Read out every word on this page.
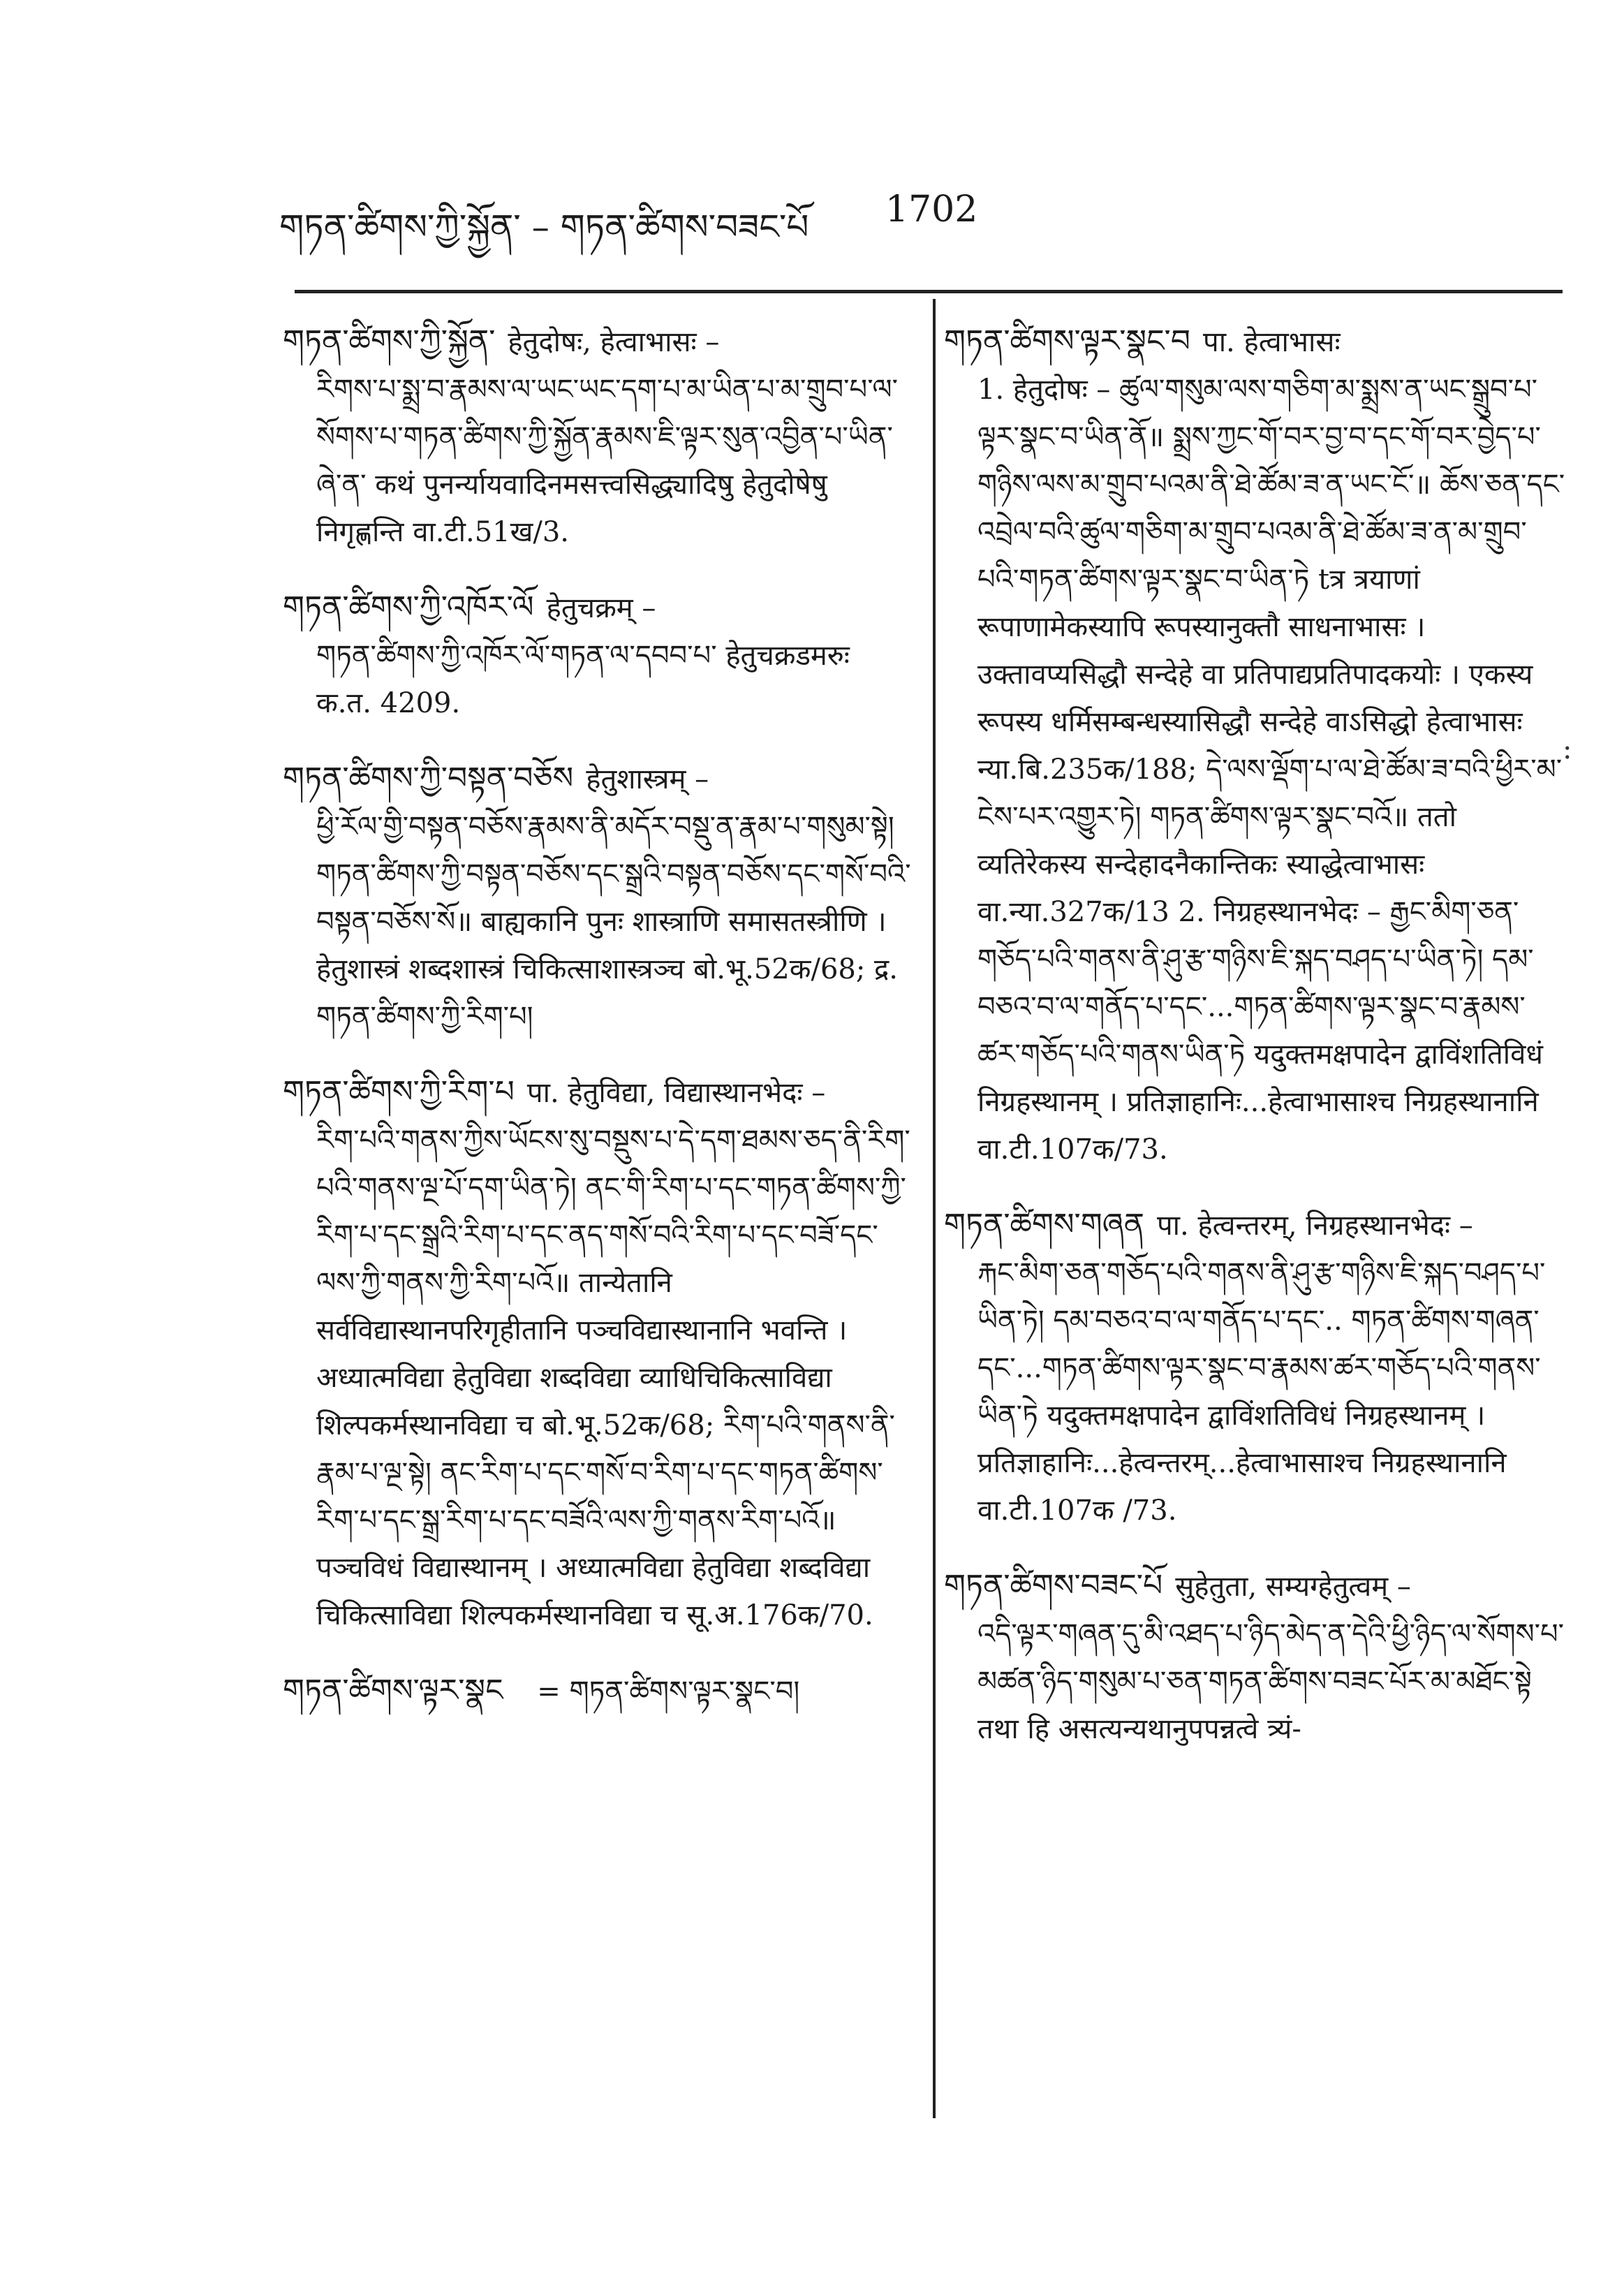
གཏན་ཚིགས་ཀྱི་སྐྱོན་ – གཏན་ཚིགས་བཟང་པོ 1702
:
གཏན་ཚིགས་ཀྱི་སྐྱོན་ हेतुदोषः, हेत्वाभासः –
རིགས་པ་སྨྲ་བ་རྣམས་ལ་ཡང་ཡང་དག་པ་མ་ཡིན་པ་མ་གྲུབ་པ་ལ་སོགས་པ་གཏན་ཚིགས་ཀྱི་སྐྱོན་རྣམས་ཇི་ལྟར་སུན་འབྱིན་པ་ཡིན་ཞེ་ན་ कथं पुनर्न्यायवादिनमसत्त्वसिद्ध्यादिषु हेतुदोषेषु निगृह्णन्ति वा.टी.51ख/3.
གཏན་ཚིགས་ཀྱི་འཁོར་ལོ हेतुचक्रम् –
གཏན་ཚིགས་ཀྱི་འཁོར་ལོ་གཏན་ལ་དབབ་པ་ हेतुचक्रडमरुः क.त. 4209.
གཏན་ཚིགས་ཀྱི་བསྟན་བཅོས हेतुशास्त्रम् –
ཕྱི་རོལ་གྱི་བསྟན་བཅོས་རྣམས་ནི་མདོར་བསྡུ་ན་རྣམ་པ་གསུམ་སྟེ། གཏན་ཚིགས་ཀྱི་བསྟན་བཅོས་དང་སྒྲའི་བསྟན་བཅོས་དང་གསོ་བའི་བསྟན་བཅོས་སོ॥ बाह्यकानि पुनः शास्त्राणि समासतस्त्रीणि । हेतुशास्त्रं शब्दशास्त्रं चिकित्साशास्त्रञ्च बो.भू.52क/68; द्र. གཏན་ཚིགས་ཀྱི་རིག་པ།
གཏན་ཚིགས་ཀྱི་རིག་པ पा. हेतुविद्या, विद्यास्थानभेदः –
རིག་པའི་གནས་ཀྱིས་ཡོངས་སུ་བསྡུས་པ་དེ་དག་ཐམས་ཅད་ནི་རིག་པའི་གནས་ལྔ་པོ་དག་ཡིན་ཏེ། ནང་གི་རིག་པ་དང་གཏན་ཚིགས་ཀྱི་རིག་པ་དང་སྒྲའི་རིག་པ་དང་ནད་གསོ་བའི་རིག་པ་དང་བཟོ་དང་ལས་ཀྱི་གནས་ཀྱི་རིག་པའོ॥ तान्येतानि सर्वविद्यास्थानपरिगृहीतानि पञ्चविद्यास्थानानि भवन्ति । अध्यात्मविद्या हेतुविद्या शब्दविद्या व्याधिचिकित्साविद्या शिल्पकर्मस्थानविद्या च बो.भू.52क/68; རིག་པའི་གནས་ནི་རྣམ་པ་ལྔ་སྟེ། ནང་རིག་པ་དང་གསོ་བ་རིག་པ་དང་གཏན་ཚིགས་རིག་པ་དང་སྒྲ་རིག་པ་དང་བཟོའི་ལས་ཀྱི་གནས་རིག་པའོ॥ पञ्चविधं विद्यास्थानम् । अध्यात्मविद्या हेतुविद्या शब्दविद्या चिकित्साविद्या शिल्पकर्मस्थानविद्या च सू.अ.176क/70.
གཏན་ཚིགས་ལྟར་སྣང = གཏན་ཚིགས་ལྟར་སྣང་བ།
གཏན་ཚིགས་ལྟར་སྣང་བ पा. हेत्वाभासः
1. हेतुदोषः – ཚུལ་གསུམ་ལས་གཅིག་མ་སྨྲས་ན་ཡང་སྒྲུབ་པ་ལྟར་སྣང་བ་ཡིན་ནོ॥ སྨྲས་ཀྱང་གོ་བར་བྱ་བ་དང་གོ་བར་བྱེད་པ་གཉིས་ལས་མ་གྲུབ་པའམ་ནི་ཐེ་ཚོམ་ཟ་ན་ཡང་ངོ་॥ ཆོས་ཅན་དང་འབྲེལ་བའི་ཚུལ་གཅིག་མ་གྲུབ་པའམ་ནི་ཐེ་ཚོམ་ཟ་ན་མ་གྲུབ་པའི་གཏན་ཚིགས་ལྟར་སྣང་བ་ཡིན་ཏེ tत्र त्रयाणां रूपाणामेकस्यापि रूपस्यानुक्तौ साधनाभासः । उक्तावप्यसिद्धौ सन्देहे वा प्रतिपाद्यप्रतिपादकयोः । एकस्य रूपस्य धर्मिसम्बन्धस्यासिद्धौ सन्देहे वाऽसिद्धो हेत्वाभासः न्या.बि.235क/188; དེ་ལས་ལྡོག་པ་ལ་ཐེ་ཚོམ་ཟ་བའི་ཕྱིར་མ་ངེས་པར་འགྱུར་ཏེ། གཏན་ཚིགས་ལྟར་སྣང་བའོ॥ ततो व्यतिरेकस्य सन्देहादनैकान्तिकः स्याद्धेत्वाभासः वा.न्या.327क/13 2. निग्रहस्थानभेदः – རྒྱང་མིག་ཅན་གཅོད་པའི་གནས་ནི་ཤུ་རྩ་གཉིས་ཇི་སྐད་བཤད་པ་ཡིན་ཏེ། དམ་བཅའ་བ་ལ་གནོད་པ་དང་...གཏན་ཚིགས་ལྟར་སྣང་བ་རྣམས་ཚར་གཅོད་པའི་གནས་ཡིན་ཏེ यदुक्तमक्षपादेन द्वाविंशतिविधं निग्रहस्थानम् । प्रतिज्ञाहानिः...हेत्वाभासाश्च निग्रहस्थानानि वा.टी.107क/73.
གཏན་ཚིགས་གཞན पा. हेत्वन्तरम्, निग्रहस्थानभेदः –
རྐང་མིག་ཅན་གཅོད་པའི་གནས་ནི་ཤུ་རྩ་གཉིས་ཇི་སྐད་བཤད་པ་ཡིན་ཏེ། དམ་བཅའ་བ་ལ་གནོད་པ་དང་.. གཏན་ཚིགས་གཞན་དང་...གཏན་ཚིགས་ལྟར་སྣང་བ་རྣམས་ཚར་གཅོད་པའི་གནས་ཡིན་ཏེ यदुक्तमक्षपादेन द्वाविंशतिविधं निग्रहस्थानम् । प्रतिज्ञाहानिः...हेत्वन्तरम्...हेत्वाभासाश्च निग्रहस्थानानि वा.टी.107क /73.
གཏན་ཚིགས་བཟང་པོ सुहेतुता, सम्यग्हेतुत्वम् –
འདི་ལྟར་གཞན་དུ་མི་འཐད་པ་ཉིད་མེད་ན་དེའི་ཕྱི་ཉིད་ལ་སོགས་པ་མཚན་ཉིད་གསུམ་པ་ཅན་གཏན་ཚིགས་བཟང་པོར་མ་མཐོང་སྟེ तथा हि असत्यन्यथानुपपन्नत्वे त्र्यं-
